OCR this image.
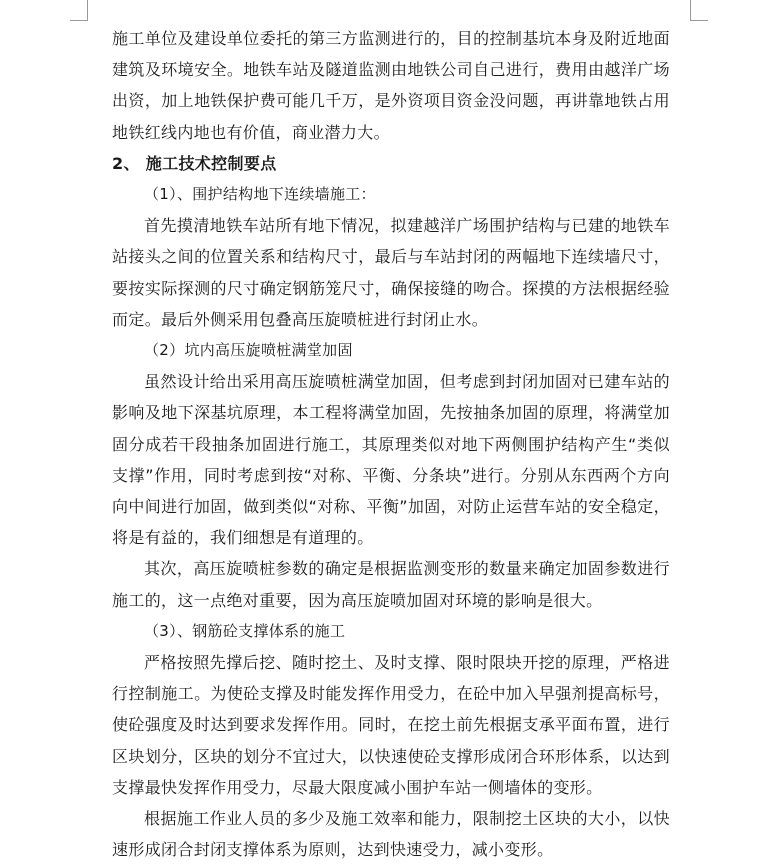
施工单位及建设单位委托的第三方监测进行的，目的控制基坑本身及附近地面建筑及环境安全。地铁车站及隧道监测由地铁公司自己进行，费用由越洋广场出资，加上地铁保护费可能几千万，是外资项目资金没问题，再讲靠地铁占用地铁红线内地也有价值，商业潜力大。

2、 施工技术控制要点

（1）、围护结构地下连续墙施工：

首先摸清地铁车站所有地下情况，拟建越洋广场围护结构与已建的地铁车站接头之间的位置关系和结构尺寸，最后与车站封闭的两幅地下连续墙尺寸，要按实际探测的尺寸确定钢筋笼尺寸，确保接缝的吻合。探摸的方法根据经验而定。最后外侧采用包叠高压旋喷桩进行封闭止水。

（2）坑内高压旋喷桩满堂加固

虽然设计给出采用高压旋喷桩满堂加固，但考虑到封闭加固对已建车站的影响及地下深基坑原理，本工程将满堂加固，先按抽条加固的原理，将满堂加固分成若干段抽条加固进行施工，其原理类似对地下两侧围护结构产生“类似支撑”作用，同时考虑到按“对称、平衡、分条块”进行。分别从东西两个方向向中间进行加固，做到类似“对称、平衡”加固，对防止运营车站的安全稳定，将是有益的，我们细想是有道理的。

其次，高压旋喷桩参数的确定是根据监测变形的数量来确定加固参数进行施工的，这一点绝对重要，因为高压旋喷加固对环境的影响是很大。

（3）、钢筋砼支撑体系的施工

严格按照先撑后挖、随时挖土、及时支撑、限时限块开挖的原理，严格进行控制施工。为使砼支撑及时能发挥作用受力，在砼中加入早强剂提高标号，使砼强度及时达到要求发挥作用。同时，在挖土前先根据支承平面布置，进行区块划分，区块的划分不宜过大，以快速使砼支撑形成闭合环形体系，以达到支撑最快发挥作用受力，尽最大限度减小围护车站一侧墙体的变形。

根据施工作业人员的多少及施工效率和能力，限制挖土区块的大小，以快速形成闭合封闭支撑体系为原则，达到快速受力，减小变形。
